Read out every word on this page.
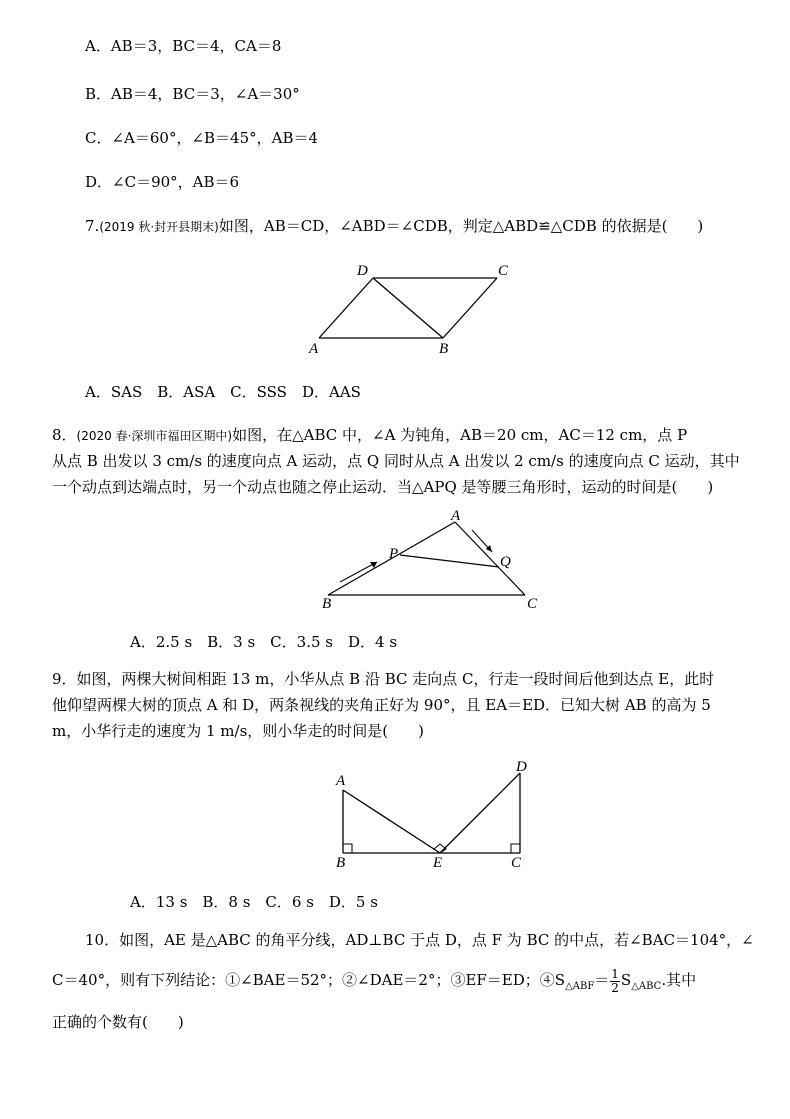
A．AB＝3，BC＝4，CA＝8
B．AB＝4，BC＝3，∠A＝30°
C．∠A＝60°，∠B＝45°，AB＝4
D．∠C＝90°，AB＝6
7.(2019 秋·封开县期末)如图，AB＝CD，∠ABD＝∠CDB，判定△ABD≌△CDB 的依据是(　　)
D	C
A	B
A．SAS　B．ASA　C．SSS　D．AAS
8．(2020 春·深圳市福田区期中)如图，在△ABC 中，∠A 为钝角，AB＝20 cm，AC＝12 cm，点 P
从点 B 出发以 3 cm/s 的速度向点 A 运动，点 Q 同时从点 A 出发以 2 cm/s 的速度向点 C 运动，其中
一个动点到达端点时，另一个动点也随之停止运动．当△APQ 是等腰三角形时，运动的时间是(　　)
A
P	Q
B	C
A．2.5 s　B．3 s　C．3.5 s　D．4 s
9．如图，两棵大树间相距 13 m，小华从点 B 沿 BC 走向点 C，行走一段时间后他到达点 E，此时
他仰望两棵大树的顶点 A 和 D，两条视线的夹角正好为 90°，且 EA＝ED．已知大树 AB 的高为 5
m，小华行走的速度为 1 m/s，则小华走的时间是(　　)
A
D
B	E	C
A．13 s　B．8 s　C．6 s　D．5 s
10．如图，AE 是△ABC 的角平分线，AD⊥BC 于点 D，点 F 为 BC 的中点，若∠BAC＝104°，∠
C＝40°，则有下列结论：①∠BAE＝52°；②∠DAE＝2°；③EF＝ED；$④S_{\triangle ABF}= \frac{1}{2} S_{\triangle ABC}$.其中
正确的个数有(　　)
